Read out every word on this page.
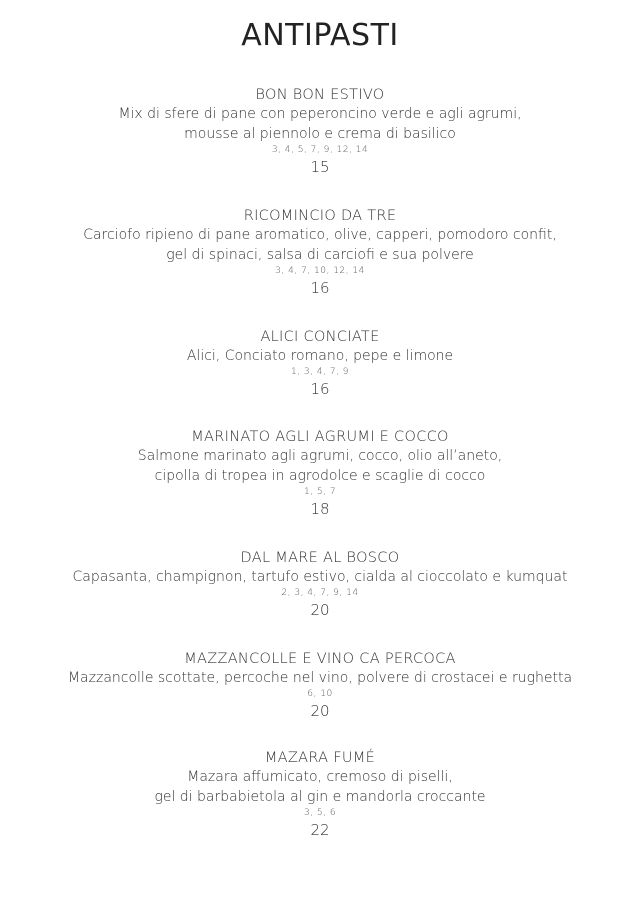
ANTIPASTI
BON BON ESTIVO
Mix di sfere di pane con peperoncino verde e agli agrumi,
mousse al piennolo e crema di basilico
3, 4, 5, 7, 9, 12, 14
15
RICOMINCIO DA TRE
Carciofo ripieno di pane aromatico, olive, capperi, pomodoro confit,
gel di spinaci, salsa di carciofi e sua polvere
3, 4, 7, 10, 12, 14
16
ALICI CONCIATE
Alici, Conciato romano, pepe e limone
1, 3, 4, 7, 9
16
MARINATO AGLI AGRUMI E COCCO
Salmone marinato agli agrumi, cocco, olio all’aneto,
cipolla di tropea in agrodolce e scaglie di cocco
1, 5, 7
18
DAL MARE AL BOSCO
Capasanta, champignon, tartufo estivo, cialda al cioccolato e kumquat
2, 3, 4, 7, 9, 14
20
MAZZANCOLLE E VINO CA PERCOCA
Mazzancolle scottate, percoche nel vino, polvere di crostacei e rughetta
6, 10
20
MAZARA FUMÉ
Mazara affumicato, cremoso di piselli,
gel di barbabietola al gin e mandorla croccante
3, 5, 6
22
